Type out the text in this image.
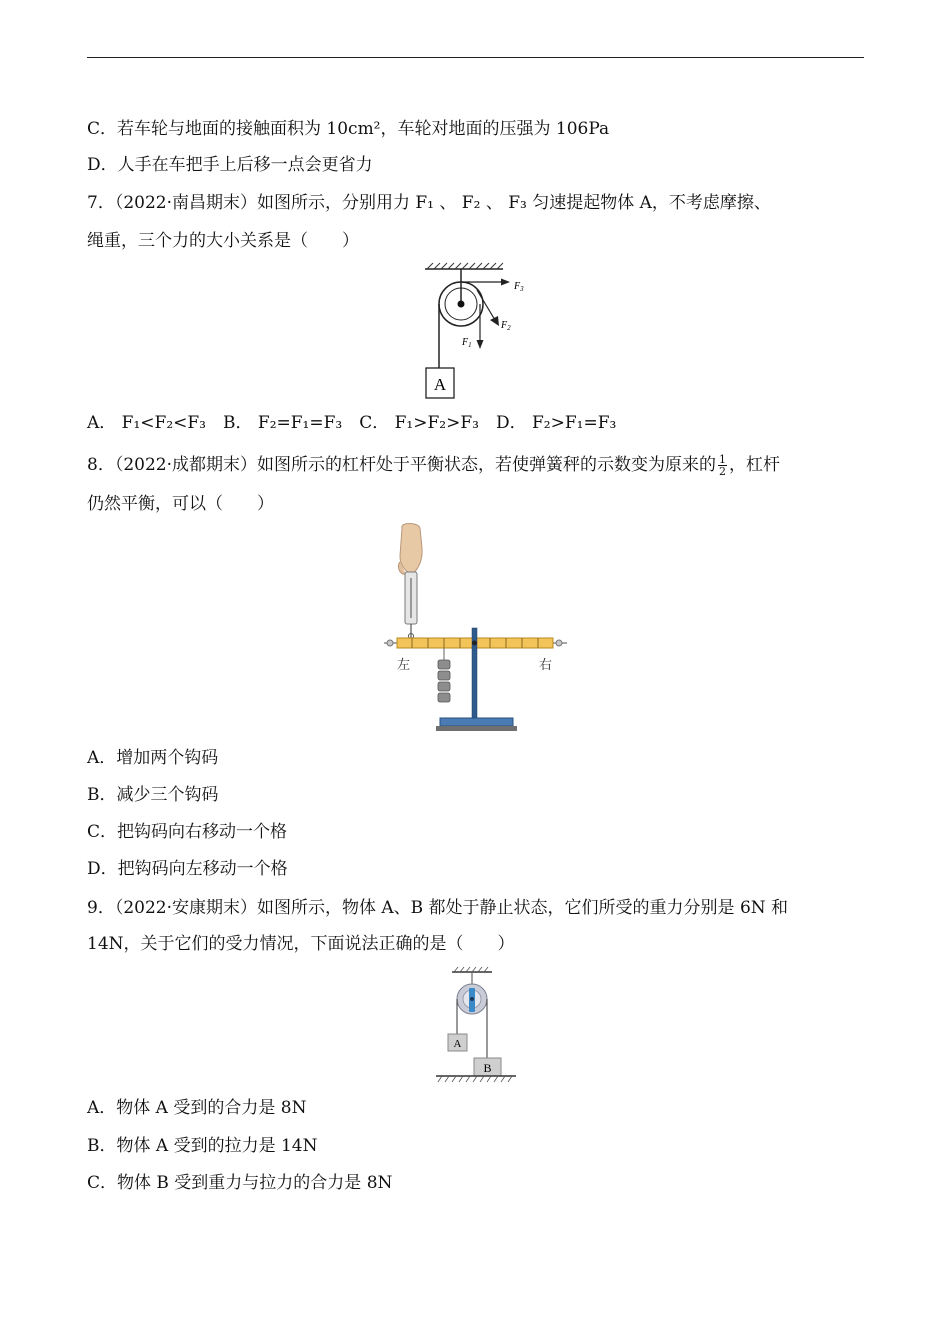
C．若车轮与地面的接触面积为 10cm²，车轮对地面的压强为 106Pa
D．人手在车把手上后移一点会更省力
7．（2022·南昌期末）如图所示，分别用力 F₁ 、 F₂ 、 F₃ 匀速提起物体 A，不考虑摩擦、
绳重，三个力的大小关系是（　　）
$F_3$
$F_2$
$F_1$
A
A． F₁<F₂<F₃　B． F₂=F₁=F₃　C． F₁>F₂>F₃　D． F₂>F₁=F₃
8．（2022·成都期末）如图所示的杠杆处于平衡状态，若使弹簧秤的示数变为原来的 $\frac{1}{2}$ ，杠杆
仍然平衡，可以（　　）
左	右
A．增加两个钩码
B．减少三个钩码
C．把钩码向右移动一个格
D．把钩码向左移动一个格
9．（2022·安康期末）如图所示，物体 A、B 都处于静止状态，它们所受的重力分别是 6N 和
14N，关于它们的受力情况，下面说法正确的是（　　）
A
B
A．物体 A 受到的合力是 8N
B．物体 A 受到的拉力是 14N
C．物体 B 受到重力与拉力的合力是 8N
